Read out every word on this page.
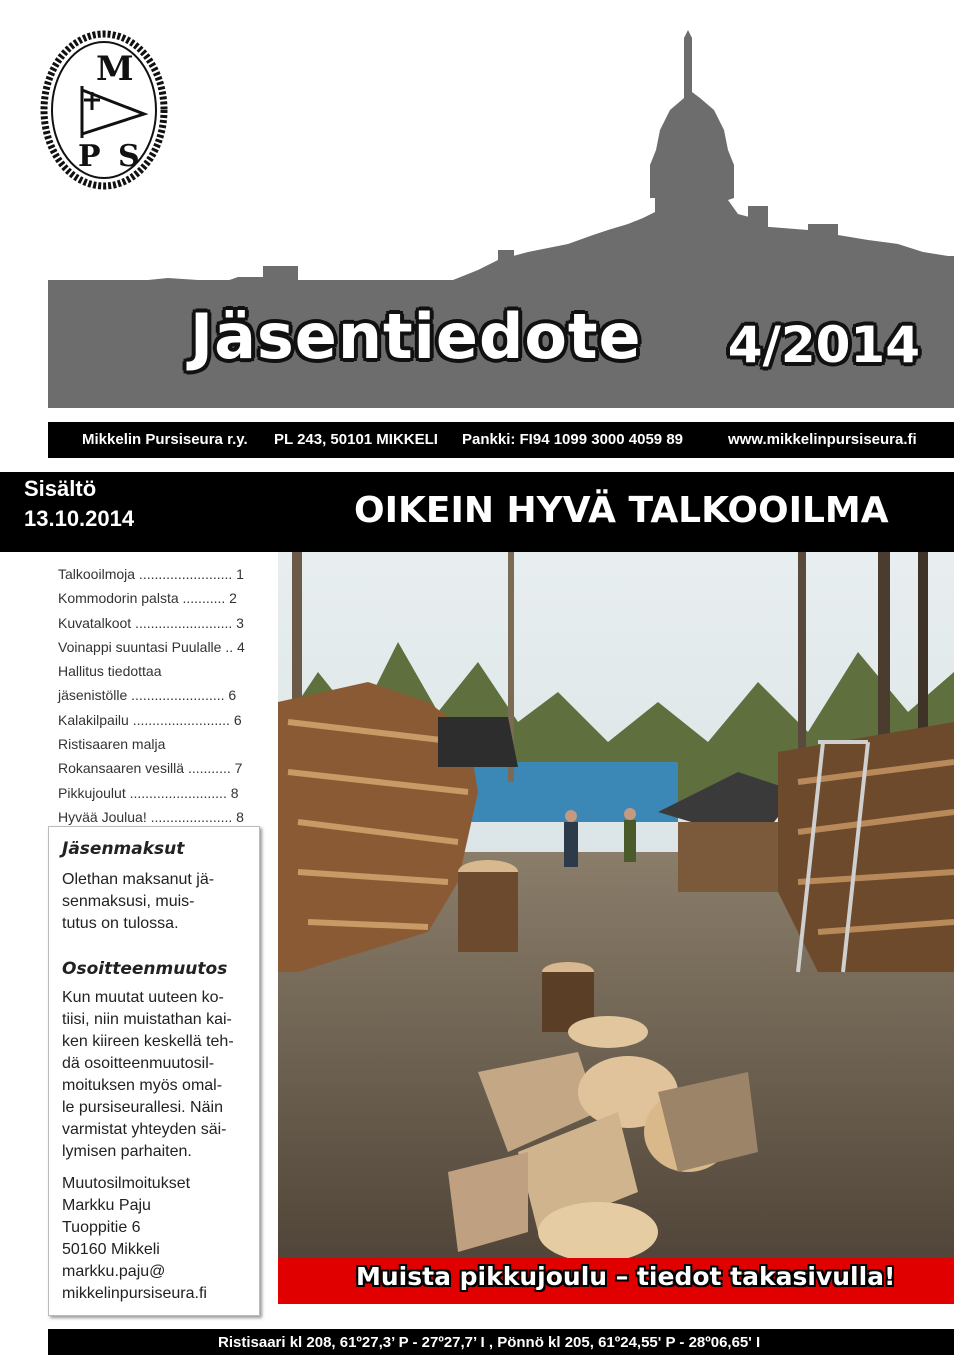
M
P S
Jäsentiedote 4/2014
Mikkelin Pursiseura r.y. PL 243, 50101 MIKKELI Pankki: FI94 1099 3000 4059 89	www.mikkelinpursiseura.fi
Sisältö
13.10.2014	OIKEIN HYVÄ TALKOOILMA
Talkooilmoja ........................ 1
Kommodorin palsta ........... 2
Kuvatalkoot ......................... 3
Voinappi suuntasi Puulalle .. 4
Hallitus tiedottaa
jäsenistölle ........................ 6
Kalakilpailu ......................... 6
Ristisaaren malja
Rokansaaren vesillä ........... 7
Pikkujoulut ......................... 8
Hyvää Joulua! ..................... 8
Jäsenmaksut
Olethan maksanut jä-
senmaksusi, muis-
tutus on tulossa.
Osoitteenmuutos
Kun muutat uuteen ko-
tiisi, niin muistathan kai-
ken kiireen keskellä teh-
dä osoitteenmuutosil-
moituksen myös omal-
le pursiseurallesi. Näin
varmistat yhteyden säi-
lymisen parhaiten.
Muutosilmoitukset
Markku Paju
Tuoppitie 6
50160 Mikkeli
markku.paju@
mikkelinpursiseura.fi
Muista pikkujoulu – tiedot takasivulla!
Ristisaari kl 208, 61º27,3’ P - 27º27,7’ I , Pönnö kl 205, 61º24,55' P - 28º06,65' I
